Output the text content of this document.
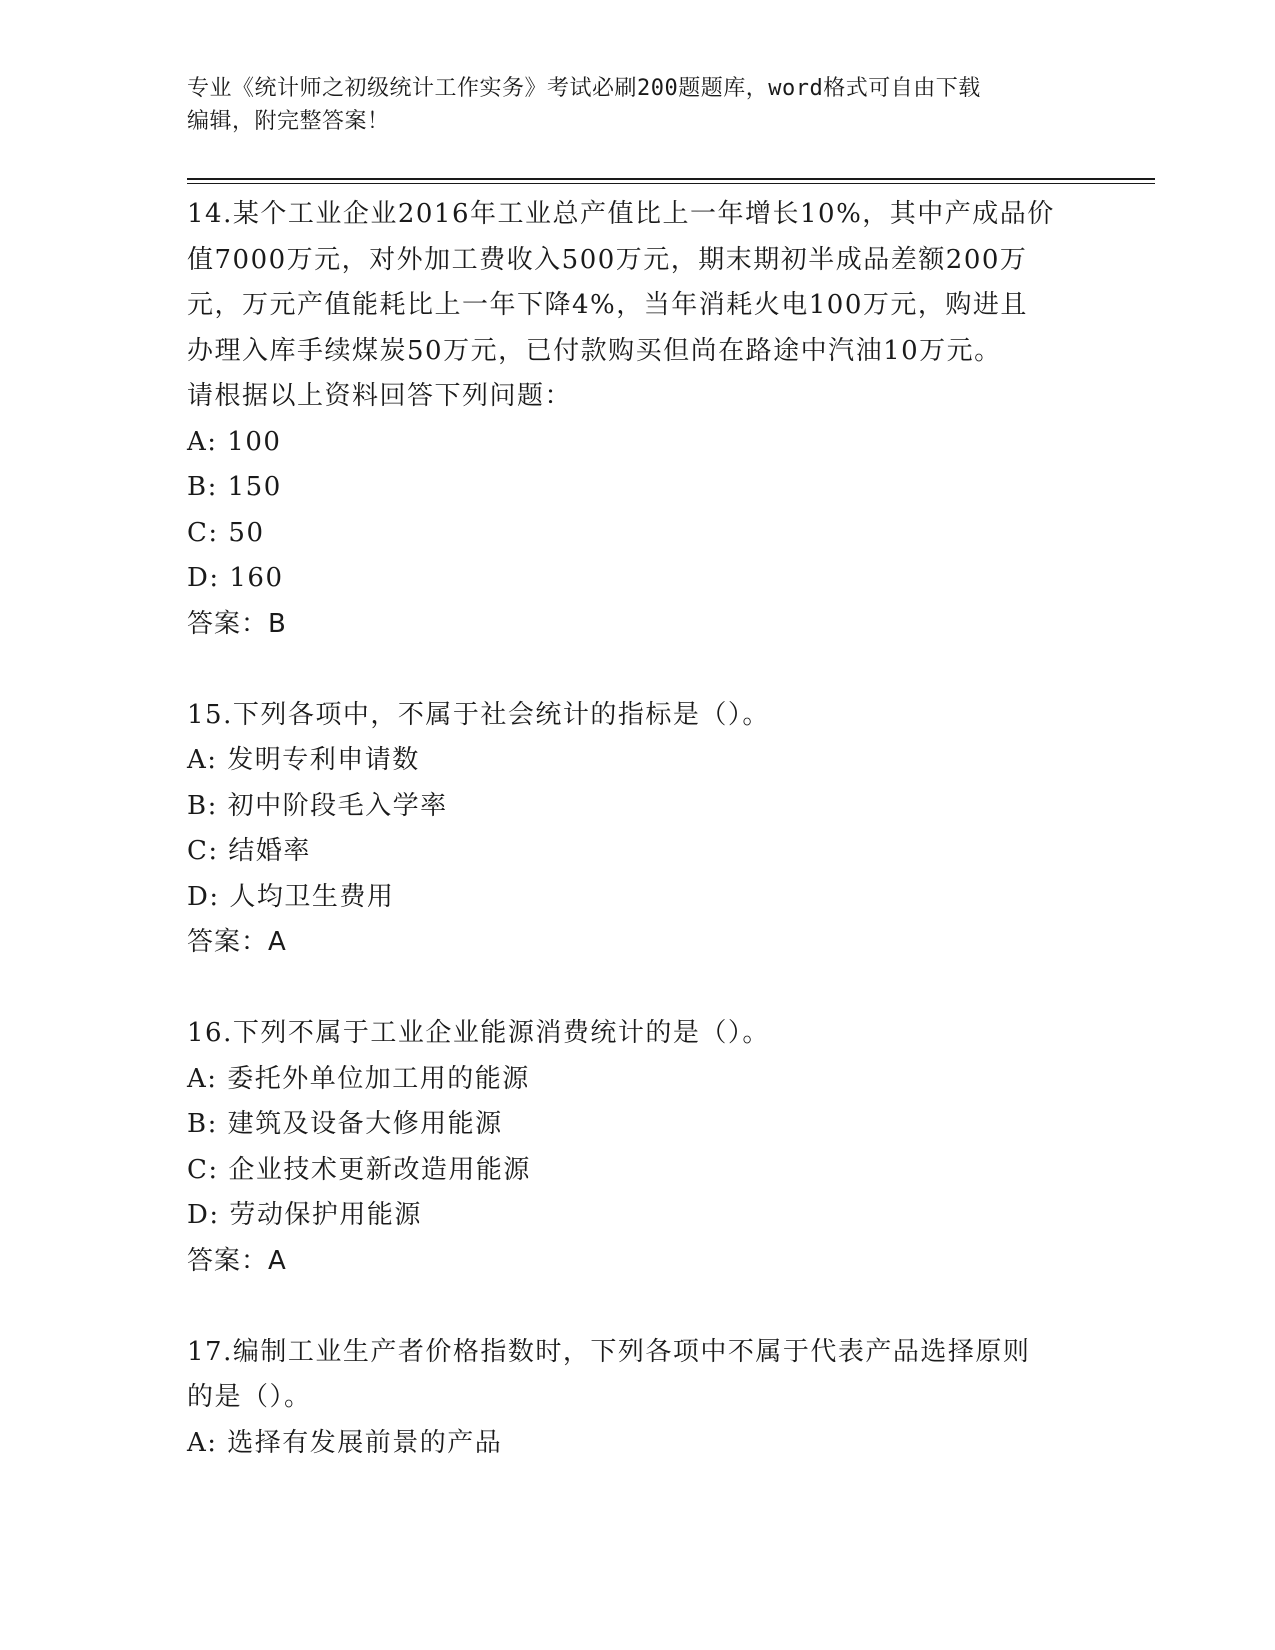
专业《统计师之初级统计工作实务》考试必刷200题题库，word格式可自由下载
编辑，附完整答案！
14.某个工业企业2016年工业总产值比上一年增长10%，其中产成品价
值7000万元，对外加工费收入500万元，期末期初半成品差额200万
元，万元产值能耗比上一年下降4%，当年消耗火电100万元，购进且
办理入库手续煤炭50万元，已付款购买但尚在路途中汽油10万元。
请根据以上资料回答下列问题：
A: 100
B: 150
C: 50
D: 160
答案：B
15.下列各项中，不属于社会统计的指标是（）。
A: 发明专利申请数
B: 初中阶段毛入学率
C: 结婚率
D: 人均卫生费用
答案：A
16.下列不属于工业企业能源消费统计的是（）。
A: 委托外单位加工用的能源
B: 建筑及设备大修用能源
C: 企业技术更新改造用能源
D: 劳动保护用能源
答案：A
17.编制工业生产者价格指数时，下列各项中不属于代表产品选择原则
的是（）。
A: 选择有发展前景的产品
